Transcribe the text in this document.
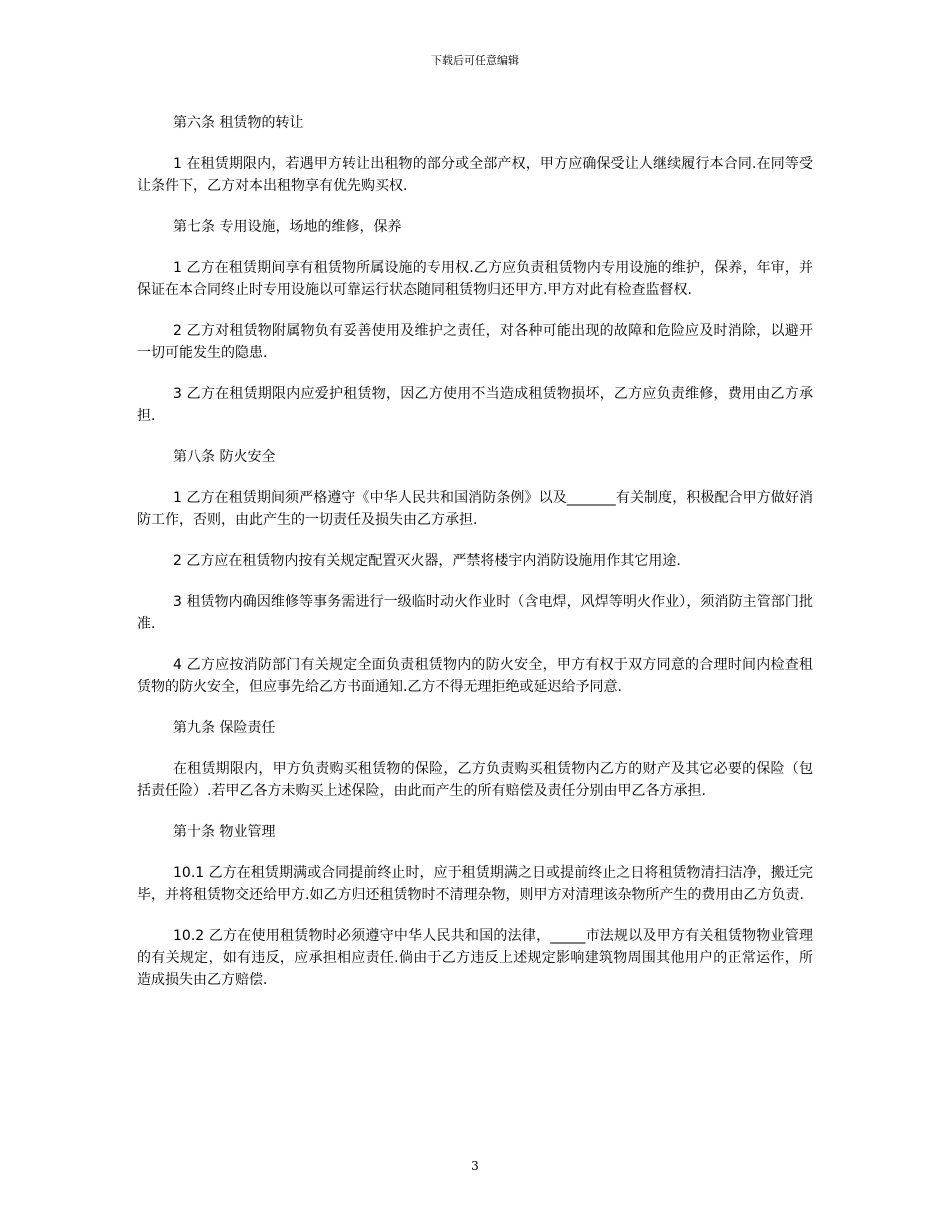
下载后可任意编辑

第六条 租赁物的转让

1 在租赁期限内，若遇甲方转让出租物的部分或全部产权，甲方应确保受让人继续履行本合同.在同等受让条件下，乙方对本出租物享有优先购买权.

第七条 专用设施，场地的维修，保养

1 乙方在租赁期间享有租赁物所属设施的专用权.乙方应负责租赁物内专用设施的维护，保养，年审，并保证在本合同终止时专用设施以可靠运行状态随同租赁物归还甲方.甲方对此有检查监督权.

2 乙方对租赁物附属物负有妥善使用及维护之责任，对各种可能出现的故障和危险应及时消除，以避开一切可能发生的隐患.

3 乙方在租赁期限内应爱护租赁物，因乙方使用不当造成租赁物损坏，乙方应负责维修，费用由乙方承担.

第八条 防火安全

1 乙方在租赁期间须严格遵守《中华人民共和国消防条例》以及_______有关制度，积极配合甲方做好消防工作，否则，由此产生的一切责任及损失由乙方承担.

2 乙方应在租赁物内按有关规定配置灭火器，严禁将楼宇内消防设施用作其它用途.

3 租赁物内确因维修等事务需进行一级临时动火作业时（含电焊，风焊等明火作业），须消防主管部门批准.

4 乙方应按消防部门有关规定全面负责租赁物内的防火安全，甲方有权于双方同意的合理时间内检查租赁物的防火安全，但应事先给乙方书面通知.乙方不得无理拒绝或延迟给予同意.

第九条 保险责任

在租赁期限内，甲方负责购买租赁物的保险，乙方负责购买租赁物内乙方的财产及其它必要的保险（包括责任险）.若甲乙各方未购买上述保险，由此而产生的所有赔偿及责任分别由甲乙各方承担.

第十条 物业管理

10.1 乙方在租赁期满或合同提前终止时，应于租赁期满之日或提前终止之日将租赁物清扫洁净，搬迁完毕，并将租赁物交还给甲方.如乙方归还租赁物时不清理杂物，则甲方对清理该杂物所产生的费用由乙方负责.

10.2 乙方在使用租赁物时必须遵守中华人民共和国的法律，_____市法规以及甲方有关租赁物物业管理的有关规定，如有违反，应承担相应责任.倘由于乙方违反上述规定影响建筑物周围其他用户的正常运作，所造成损失由乙方赔偿.

3
